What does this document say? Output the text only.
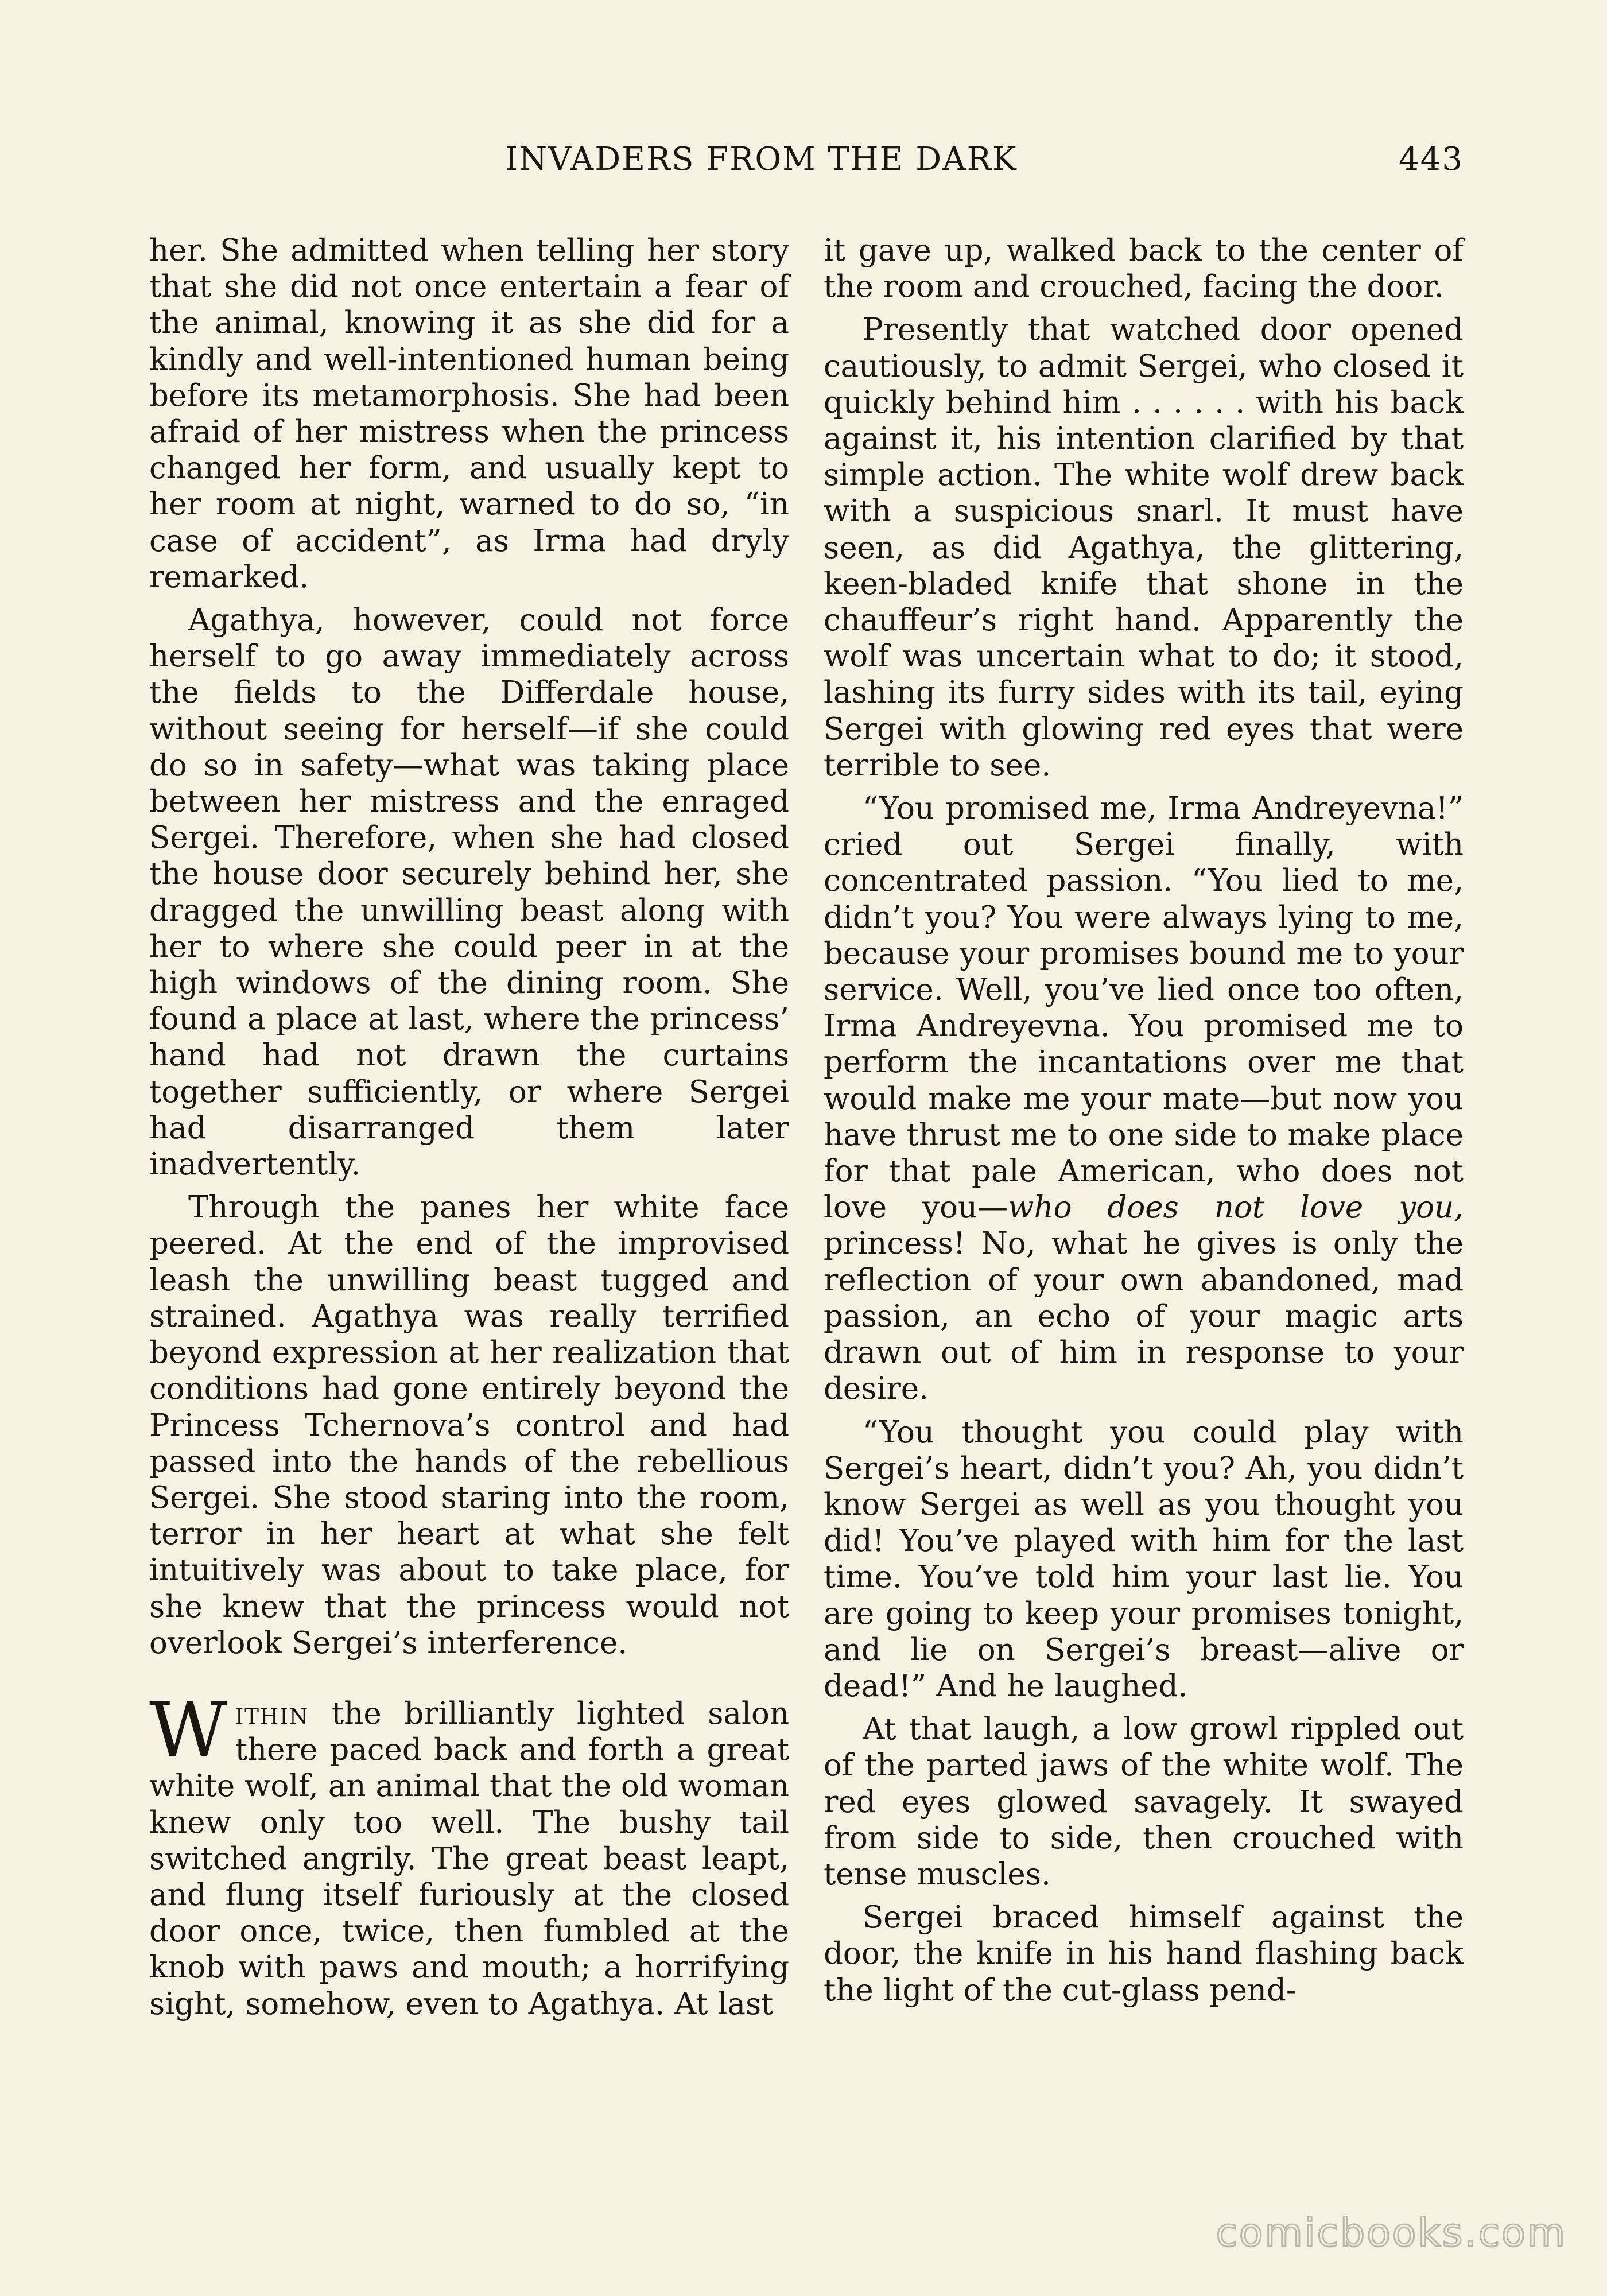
INVADERS FROM THE DARK	443

her. She admitted when telling her story that she did not once entertain a fear of the animal, knowing it as she did for a kindly and well-intentioned human being before its metamorphosis. She had been afraid of her mistress when the princess changed her form, and usually kept to her room at night, warned to do so, “in case of accident”, as Irma had dryly remarked.

Agathya, however, could not force herself to go away immediately across the fields to the Differdale house, without seeing for herself—if she could do so in safety—what was taking place between her mistress and the enraged Sergei. Therefore, when she had closed the house door securely behind her, she dragged the unwilling beast along with her to where she could peer in at the high windows of the dining room. She found a place at last, where the princess’ hand had not drawn the curtains together sufficiently, or where Sergei had disarranged them later inadvertently.

Through the panes her white face peered. At the end of the improvised leash the unwilling beast tugged and strained. Agathya was really terrified beyond expression at her realization that conditions had gone entirely beyond the Princess Tchernova’s control and had passed into the hands of the rebellious Sergei. She stood staring into the room, terror in her heart at what she felt intuitively was about to take place, for she knew that the princess would not overlook Sergei’s interference.

Within the brilliantly lighted salon there paced back and forth a great white wolf, an animal that the old woman knew only too well. The bushy tail switched angrily. The great beast leapt, and flung itself furiously at the closed door once, twice, then fumbled at the knob with paws and mouth; a horrifying sight, somehow, even to Agathya. At last

it gave up, walked back to the center of the room and crouched, facing the door.

Presently that watched door opened cautiously, to admit Sergei, who closed it quickly behind him . . . . . . with his back against it, his intention clarified by that simple action. The white wolf drew back with a suspicious snarl. It must have seen, as did Agathya, the glittering, keen-bladed knife that shone in the chauffeur’s right hand. Apparently the wolf was uncertain what to do; it stood, lashing its furry sides with its tail, eying Sergei with glowing red eyes that were terrible to see.

“You promised me, Irma Andreyevna!” cried out Sergei finally, with concentrated passion. “You lied to me, didn’t you? You were always lying to me, because your promises bound me to your service. Well, you’ve lied once too often, Irma Andreyevna. You promised me to perform the incantations over me that would make me your mate—but now you have thrust me to one side to make place for that pale American, who does not love you—who does not love you, princess! No, what he gives is only the reflection of your own abandoned, mad passion, an echo of your magic arts drawn out of him in response to your desire.

“You thought you could play with Sergei’s heart, didn’t you? Ah, you didn’t know Sergei as well as you thought you did! You’ve played with him for the last time. You’ve told him your last lie. You are going to keep your promises tonight, and lie on Sergei’s breast—alive or dead!” And he laughed.

At that laugh, a low growl rippled out of the parted jaws of the white wolf. The red eyes glowed savagely. It swayed from side to side, then crouched with tense muscles.

Sergei braced himself against the door, the knife in his hand flashing back the light of the cut-glass pend-

comicbooks.com
